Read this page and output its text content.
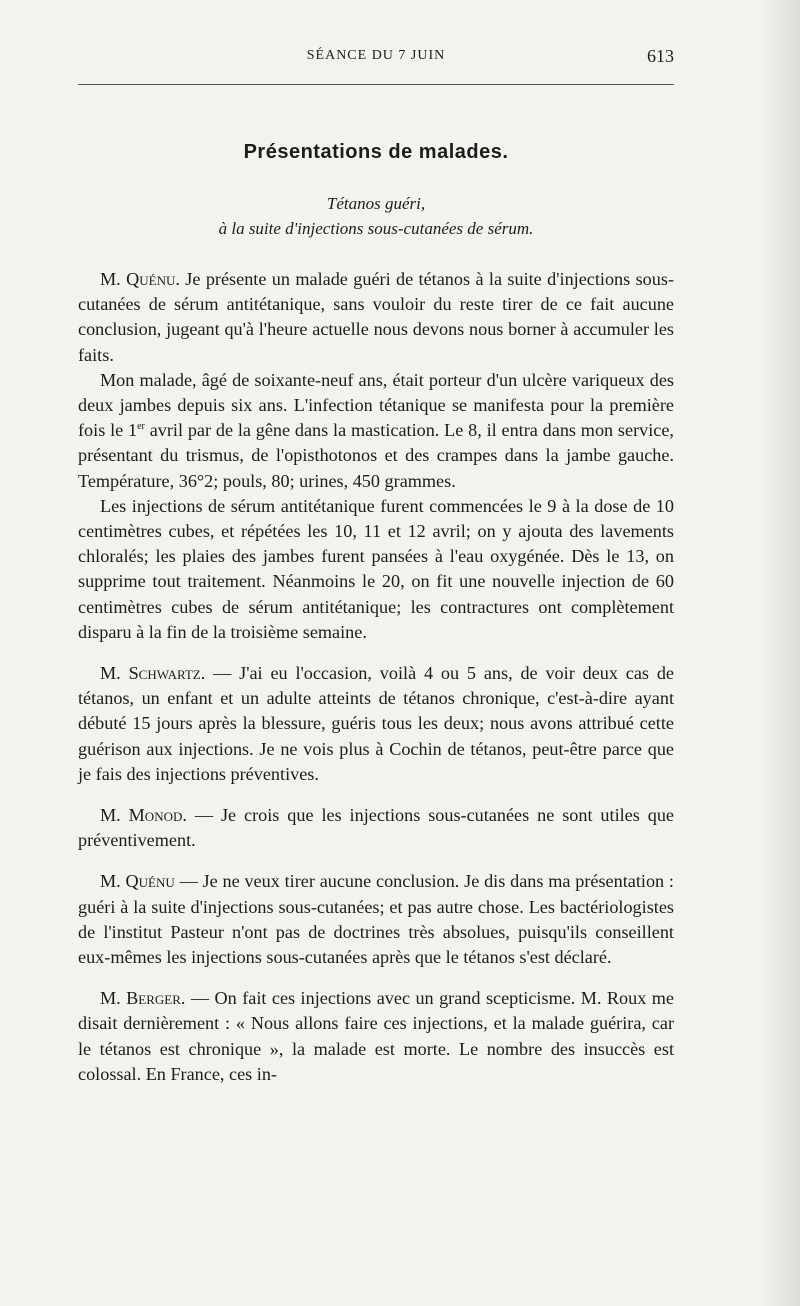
SÉANCE DU 7 JUIN	613
Présentations de malades.
Tétanos guéri,
à la suite d'injections sous-cutanées de sérum.

M. Quénu. Je présente un malade guéri de tétanos à la suite d'injections sous-cutanées de sérum antitétanique, sans vouloir du reste tirer de ce fait aucune conclusion, jugeant qu'à l'heure actuelle nous devons nous borner à accumuler les faits.

Mon malade, âgé de soixante-neuf ans, était porteur d'un ulcère variqueux des deux jambes depuis six ans. L'infection tétanique se manifesta pour la première fois le 1er avril par de la gêne dans la mastication. Le 8, il entra dans mon service, présentant du trismus, de l'opisthotonos et des crampes dans la jambe gauche. Température, 36°2; pouls, 80; urines, 450 grammes.

Les injections de sérum antitétanique furent commencées le 9 à la dose de 10 centimètres cubes, et répétées les 10, 11 et 12 avril; on y ajouta des lavements chloralés; les plaies des jambes furent pansées à l'eau oxygénée. Dès le 13, on supprime tout traitement. Néanmoins le 20, on fit une nouvelle injection de 60 centimètres cubes de sérum antitétanique; les contractures ont complètement disparu à la fin de la troisième semaine.

M. Schwartz. — J'ai eu l'occasion, voilà 4 ou 5 ans, de voir deux cas de tétanos, un enfant et un adulte atteints de tétanos chronique, c'est-à-dire ayant débuté 15 jours après la blessure, guéris tous les deux; nous avons attribué cette guérison aux injections. Je ne vois plus à Cochin de tétanos, peut-être parce que je fais des injections préventives.

M. Monod. — Je crois que les injections sous-cutanées ne sont utiles que préventivement.

M. Quénu — Je ne veux tirer aucune conclusion. Je dis dans ma présentation : guéri à la suite d'injections sous-cutanées; et pas autre chose. Les bactériologistes de l'institut Pasteur n'ont pas de doctrines très absolues, puisqu'ils conseillent eux-mêmes les injections sous-cutanées après que le tétanos s'est déclaré.

M. Berger. — On fait ces injections avec un grand scepticisme. M. Roux me disait dernièrement : « Nous allons faire ces injections, et la malade guérira, car le tétanos est chronique », la malade est morte. Le nombre des insuccès est colossal. En France, ces in-
